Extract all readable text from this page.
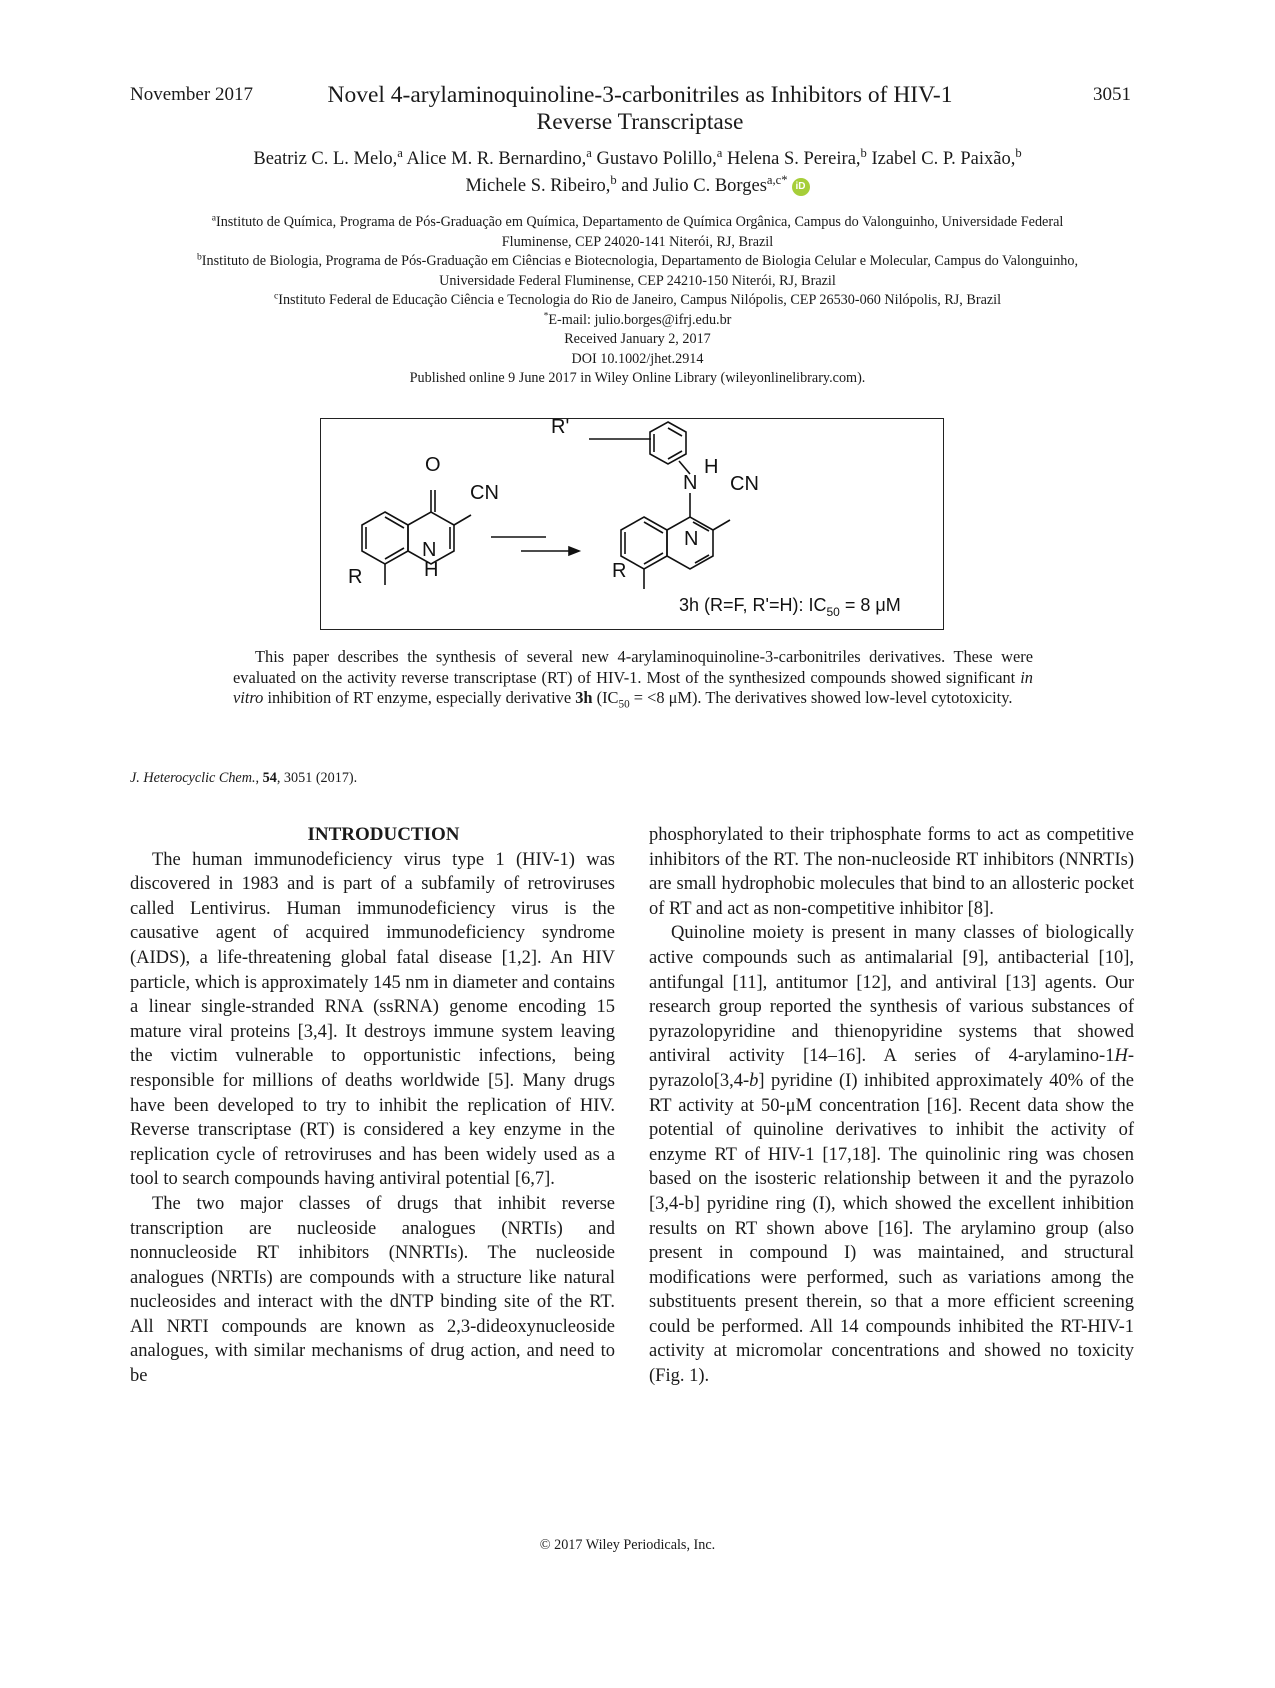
November 2017	Novel 4-arylaminoquinoline-3-carbonitriles as Inhibitors of HIV-1
Reverse Transcriptase
3051
Beatriz C. L. Melo,$^a$ Alice M. R. Bernardino,$^a$ Gustavo Polillo,$^a$ Helena S. Pereira,$^b$ Izabel C. P. Paixão,$^b$
Michele S. Ribeiro,$^b$ and Julio C. Borges$^{a,c*}$ iD
$^a$Instituto de Química, Programa de Pós-Graduação em Química, Departamento de Química Orgânica, Campus do Valonguinho, Universidade Federal Fluminense, CEP 24020-141 Niterói, RJ, Brazil
$^b$Instituto de Biologia, Programa de Pós-Graduação em Ciências e Biotecnologia, Departamento de Biologia Celular e Molecular, Campus do Valonguinho, Universidade Federal Fluminense, CEP 24210-150 Niterói, RJ, Brazil
$^c$Instituto Federal de Educação Ciência e Tecnologia do Rio de Janeiro, Campus Nilópolis, CEP 26530-060 Nilópolis, RJ, Brazil
*E-mail: julio.borges@ifrj.edu.br
Received January 2, 2017
DOI 10.1002/jhet.2914
Published online 9 June 2017 in Wiley Online Library (wileyonlinelibrary.com).
O
CN
N
H
R
R'
N
H
CN
N
R
3h (R=F, R'=H): $IC_{50} = 8$ μM
This paper describes the synthesis of several new 4-arylaminoquinoline-3-carbonitriles derivatives. These were evaluated on the activity reverse transcriptase (RT) of HIV-1. Most of the synthesized compounds showed significant in vitro inhibition of RT enzyme, especially derivative 3h ($IC_{50} = <8$ μM). The derivatives showed low-level cytotoxicity.
J. Heterocyclic Chem., 54, 3051 (2017).

INTRODUCTION

The human immunodeficiency virus type 1 (HIV-1) was discovered in 1983 and is part of a subfamily of retroviruses called Lentivirus. Human immunodeficiency virus is the causative agent of acquired immunodeficiency syndrome (AIDS), a life-threatening global fatal disease [1,2]. An HIV particle, which is approximately 145 nm in diameter and contains a linear single-stranded RNA (ssRNA) genome encoding 15 mature viral proteins [3,4]. It destroys immune system leaving the victim vulnerable to opportunistic infections, being responsible for millions of deaths worldwide [5]. Many drugs have been developed to try to inhibit the replication of HIV. Reverse transcriptase (RT) is considered a key enzyme in the replication cycle of retroviruses and has been widely used as a tool to search compounds having antiviral potential [6,7].

The two major classes of drugs that inhibit reverse transcription are nucleoside analogues (NRTIs) and nonnucleoside RT inhibitors (NNRTIs). The nucleoside analogues (NRTIs) are compounds with a structure like natural nucleosides and interact with the dNTP binding site of the RT. All NRTI compounds are known as 2,3-dideoxynucleoside analogues, with similar mechanisms of drug action, and need to be

phosphorylated to their triphosphate forms to act as competitive inhibitors of the RT. The non-nucleoside RT inhibitors (NNRTIs) are small hydrophobic molecules that bind to an allosteric pocket of RT and act as non-competitive inhibitor [8].

Quinoline moiety is present in many classes of biologically active compounds such as antimalarial [9], antibacterial [10], antifungal [11], antitumor [12], and antiviral [13] agents. Our research group reported the synthesis of various substances of pyrazolopyridine and thienopyridine systems that showed antiviral activity [14–16]. A series of 4-arylamino-1H-pyrazolo[3,4-b] pyridine (I) inhibited approximately 40% of the RT activity at 50-μM concentration [16]. Recent data show the potential of quinoline derivatives to inhibit the activity of enzyme RT of HIV-1 [17,18]. The quinolinic ring was chosen based on the isosteric relationship between it and the pyrazolo [3,4-b] pyridine ring (I), which showed the excellent inhibition results on RT shown above [16]. The arylamino group (also present in compound I) was maintained, and structural modifications were performed, such as variations among the substituents present therein, so that a more efficient screening could be performed. All 14 compounds inhibited the RT-HIV-1 activity at micromolar concentrations and showed no toxicity (Fig. 1).

© 2017 Wiley Periodicals, Inc.
